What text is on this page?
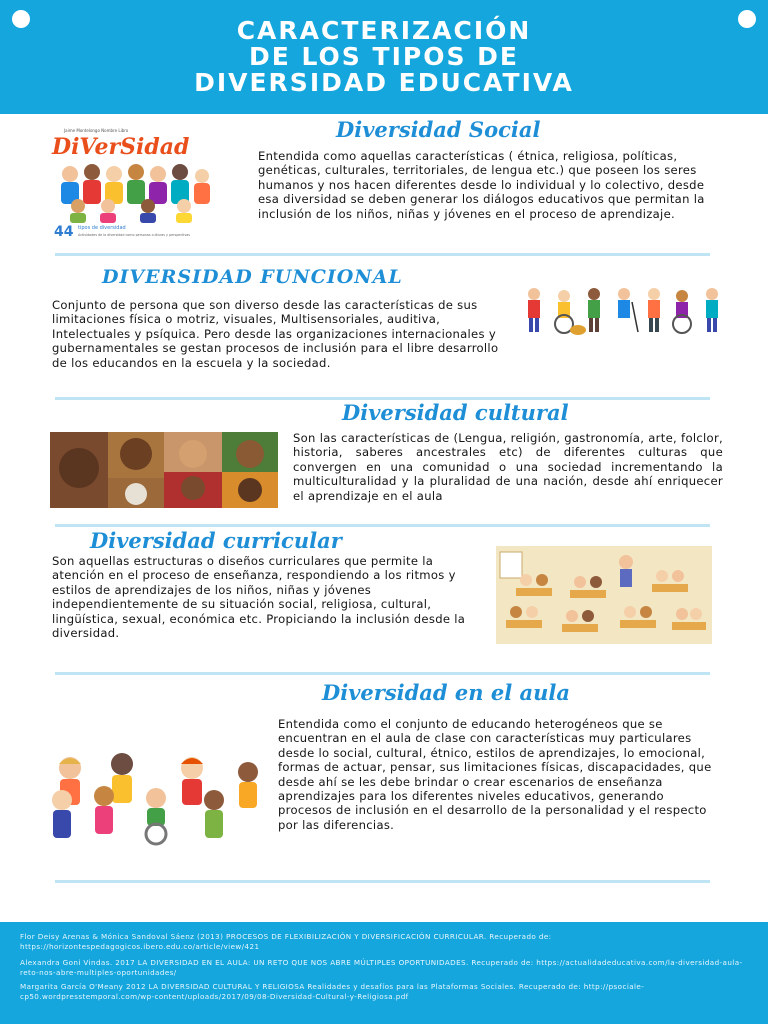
CARACTERIZACIÓN
DE LOS TIPOS DE
DIVERSIDAD EDUCATIVA
Jaime Montelongo Nombre Libro
DiVerSidad
44 tipos de diversidad
Actividades de la diversidad como personas culturas y perspectivas
Diversidad Social
Entendida como aquellas características ( étnica, religiosa, políticas, genéticas, culturales, territoriales, de lengua etc.) que poseen los seres humanos y nos hacen diferentes desde lo individual y lo colectivo, desde esa diversidad se deben generar los diálogos educativos que permitan la inclusión de los niños, niñas y jóvenes en el proceso de aprendizaje.
DIVERSIDAD FUNCIONAL
Conjunto de persona que son diverso desde las características de sus limitaciones física o motriz, visuales, Multisensoriales, auditiva, Intelectuales y psíquica. Pero desde las organizaciones internacionales y gubernamentales se gestan procesos de inclusión para el libre desarrollo de los educandos en la escuela y la sociedad.
Diversidad cultural
Son las características de (Lengua, religión, gastronomía, arte, folclor, historia, saberes ancestrales etc) de diferentes culturas que convergen en una comunidad o una sociedad incrementando la multiculturalidad y la pluralidad de una nación, desde ahí enriquecer el aprendizaje en el aula
Diversidad curricular
Son aquellas estructuras o diseños curriculares que permite la atención en el proceso de enseñanza, respondiendo a los ritmos y estilos de aprendizajes de los niños, niñas y jóvenes independientemente de su situación social, religiosa, cultural, lingüística, sexual, económica etc. Propiciando la inclusión desde la diversidad.
Diversidad en el aula
Entendida como el conjunto de educando heterogéneos que se encuentran en el aula de clase con características muy particulares desde lo social, cultural, étnico, estilos de aprendizajes, lo emocional, formas de actuar, pensar, sus limitaciones físicas, discapacidades, que desde ahí se les debe brindar o crear escenarios de enseñanza aprendizajes para los diferentes niveles educativos, generando procesos de inclusión en el desarrollo de la personalidad y el respecto por las diferencias.
Flor Deisy Arenas & Mónica Sandoval Sáenz (2013) PROCESOS DE FLEXIBILIZACIÓN Y DIVERSIFICACIÓN CURRICULAR. Recuperado de: https://horizontespedagogicos.ibero.edu.co/article/view/421
Alexandra Goni Vindas. 2017 LA DIVERSIDAD EN EL AULA: UN RETO QUE NOS ABRE MÚLTIPLES OPORTUNIDADES. Recuperado de: https://actualidadeducativa.com/la-diversidad-aula-reto-nos-abre-multiples-oportunidades/
Margarita García O'Meany 2012 LA DIVERSIDAD CULTURAL Y RELIGIOSA Realidades y desafíos para las Plataformas Sociales. Recuperado de: http://psociale-cp50.wordpresstemporal.com/wp-content/uploads/2017/09/08-Diversidad-Cultural-y-Religiosa.pdf
